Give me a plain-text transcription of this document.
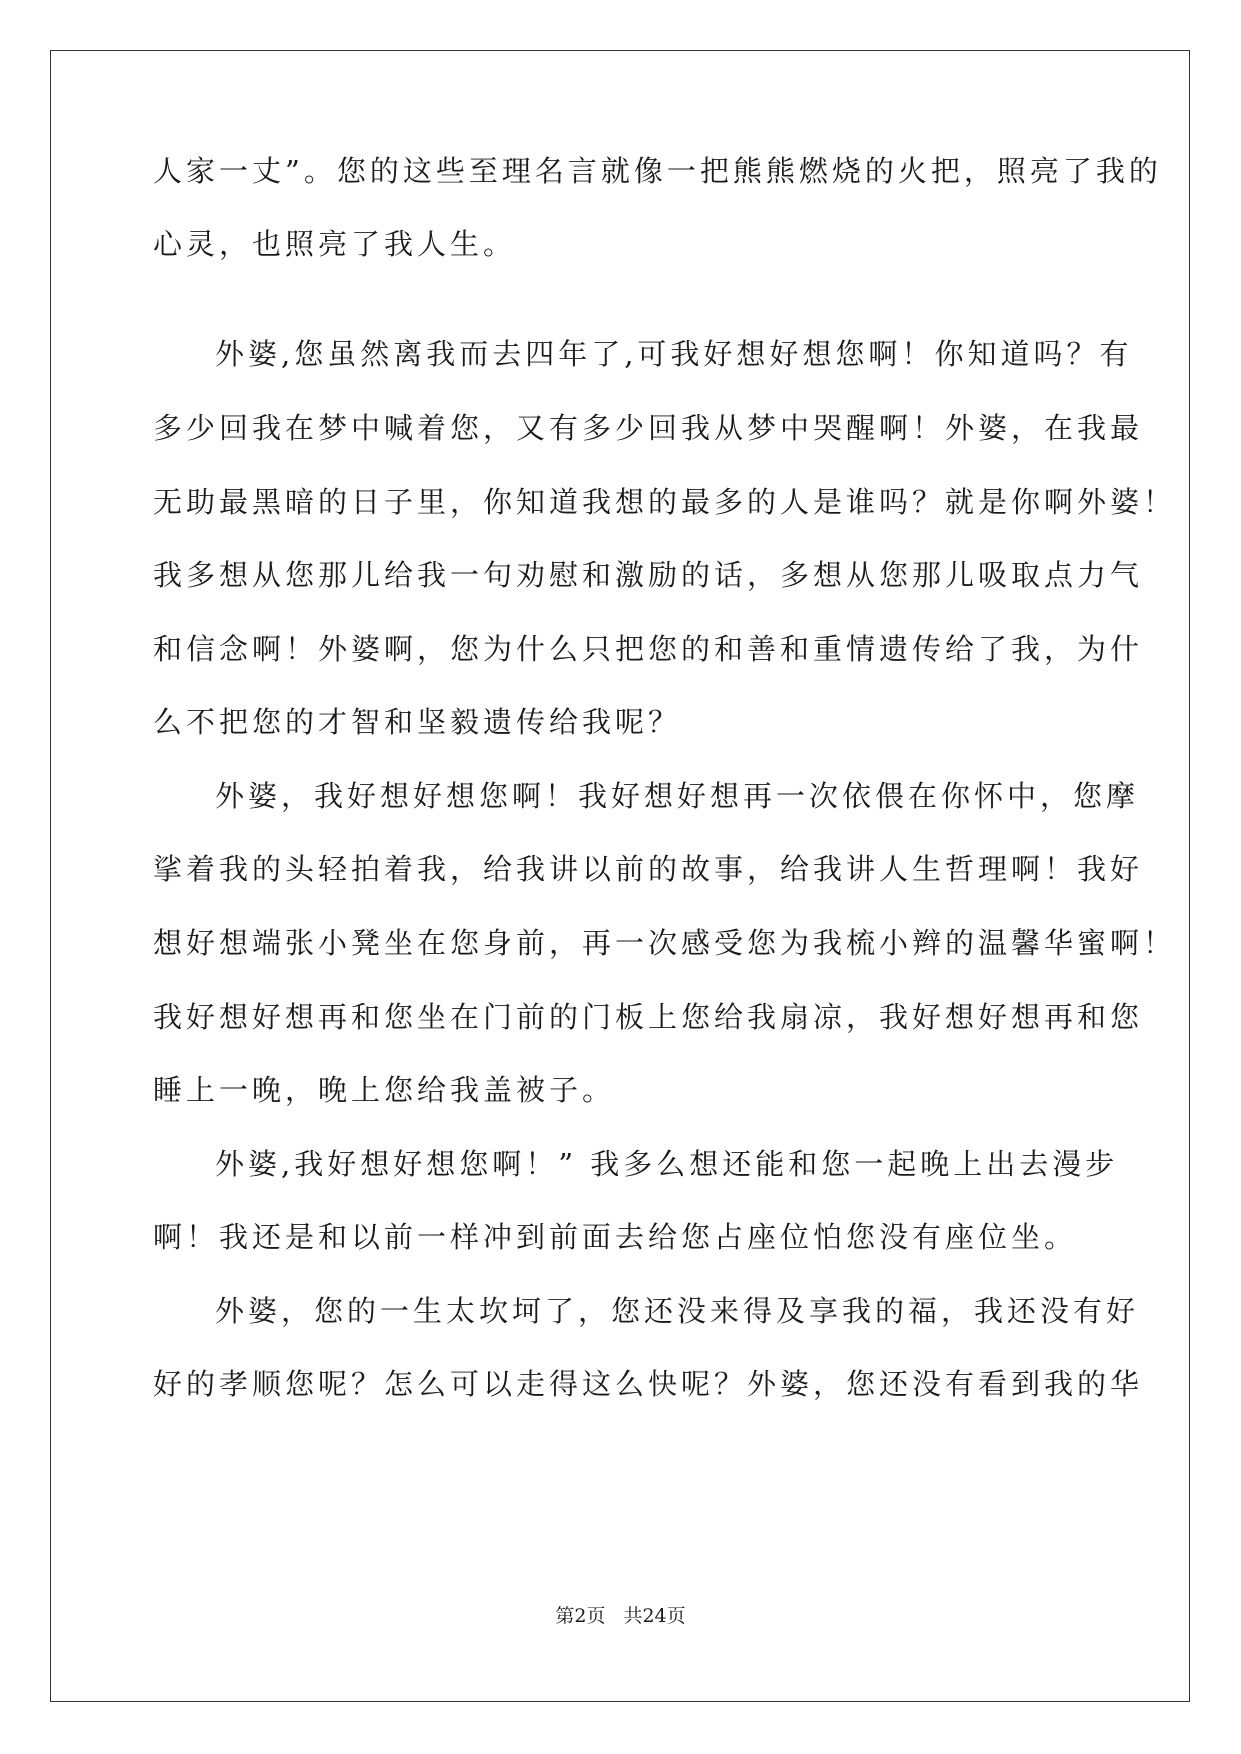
人家一丈”。您的这些至理名言就像一把熊熊燃烧的火把，照亮了我的
心灵，也照亮了我人生。
外婆,您虽然离我而去四年了,可我好想好想您啊！你知道吗？有
多少回我在梦中喊着您，又有多少回我从梦中哭醒啊！外婆，在我最
无助最黑暗的日子里，你知道我想的最多的人是谁吗？就是你啊外婆！
我多想从您那儿给我一句劝慰和激励的话，多想从您那儿吸取点力气
和信念啊！外婆啊，您为什么只把您的和善和重情遗传给了我，为什
么不把您的才智和坚毅遗传给我呢？
外婆，我好想好想您啊！我好想好想再一次依偎在你怀中，您摩
挲着我的头轻拍着我，给我讲以前的故事，给我讲人生哲理啊！我好
想好想端张小凳坐在您身前，再一次感受您为我梳小辫的温馨华蜜啊！
我好想好想再和您坐在门前的门板上您给我扇凉，我好想好想再和您
睡上一晚，晚上您给我盖被子。
外婆,我好想好想您啊！” 我多么想还能和您一起晚上出去漫步
啊！我还是和以前一样冲到前面去给您占座位怕您没有座位坐。
外婆，您的一生太坎坷了，您还没来得及享我的福，我还没有好
好的孝顺您呢？怎么可以走得这么快呢？外婆，您还没有看到我的华
第2页 共24页
